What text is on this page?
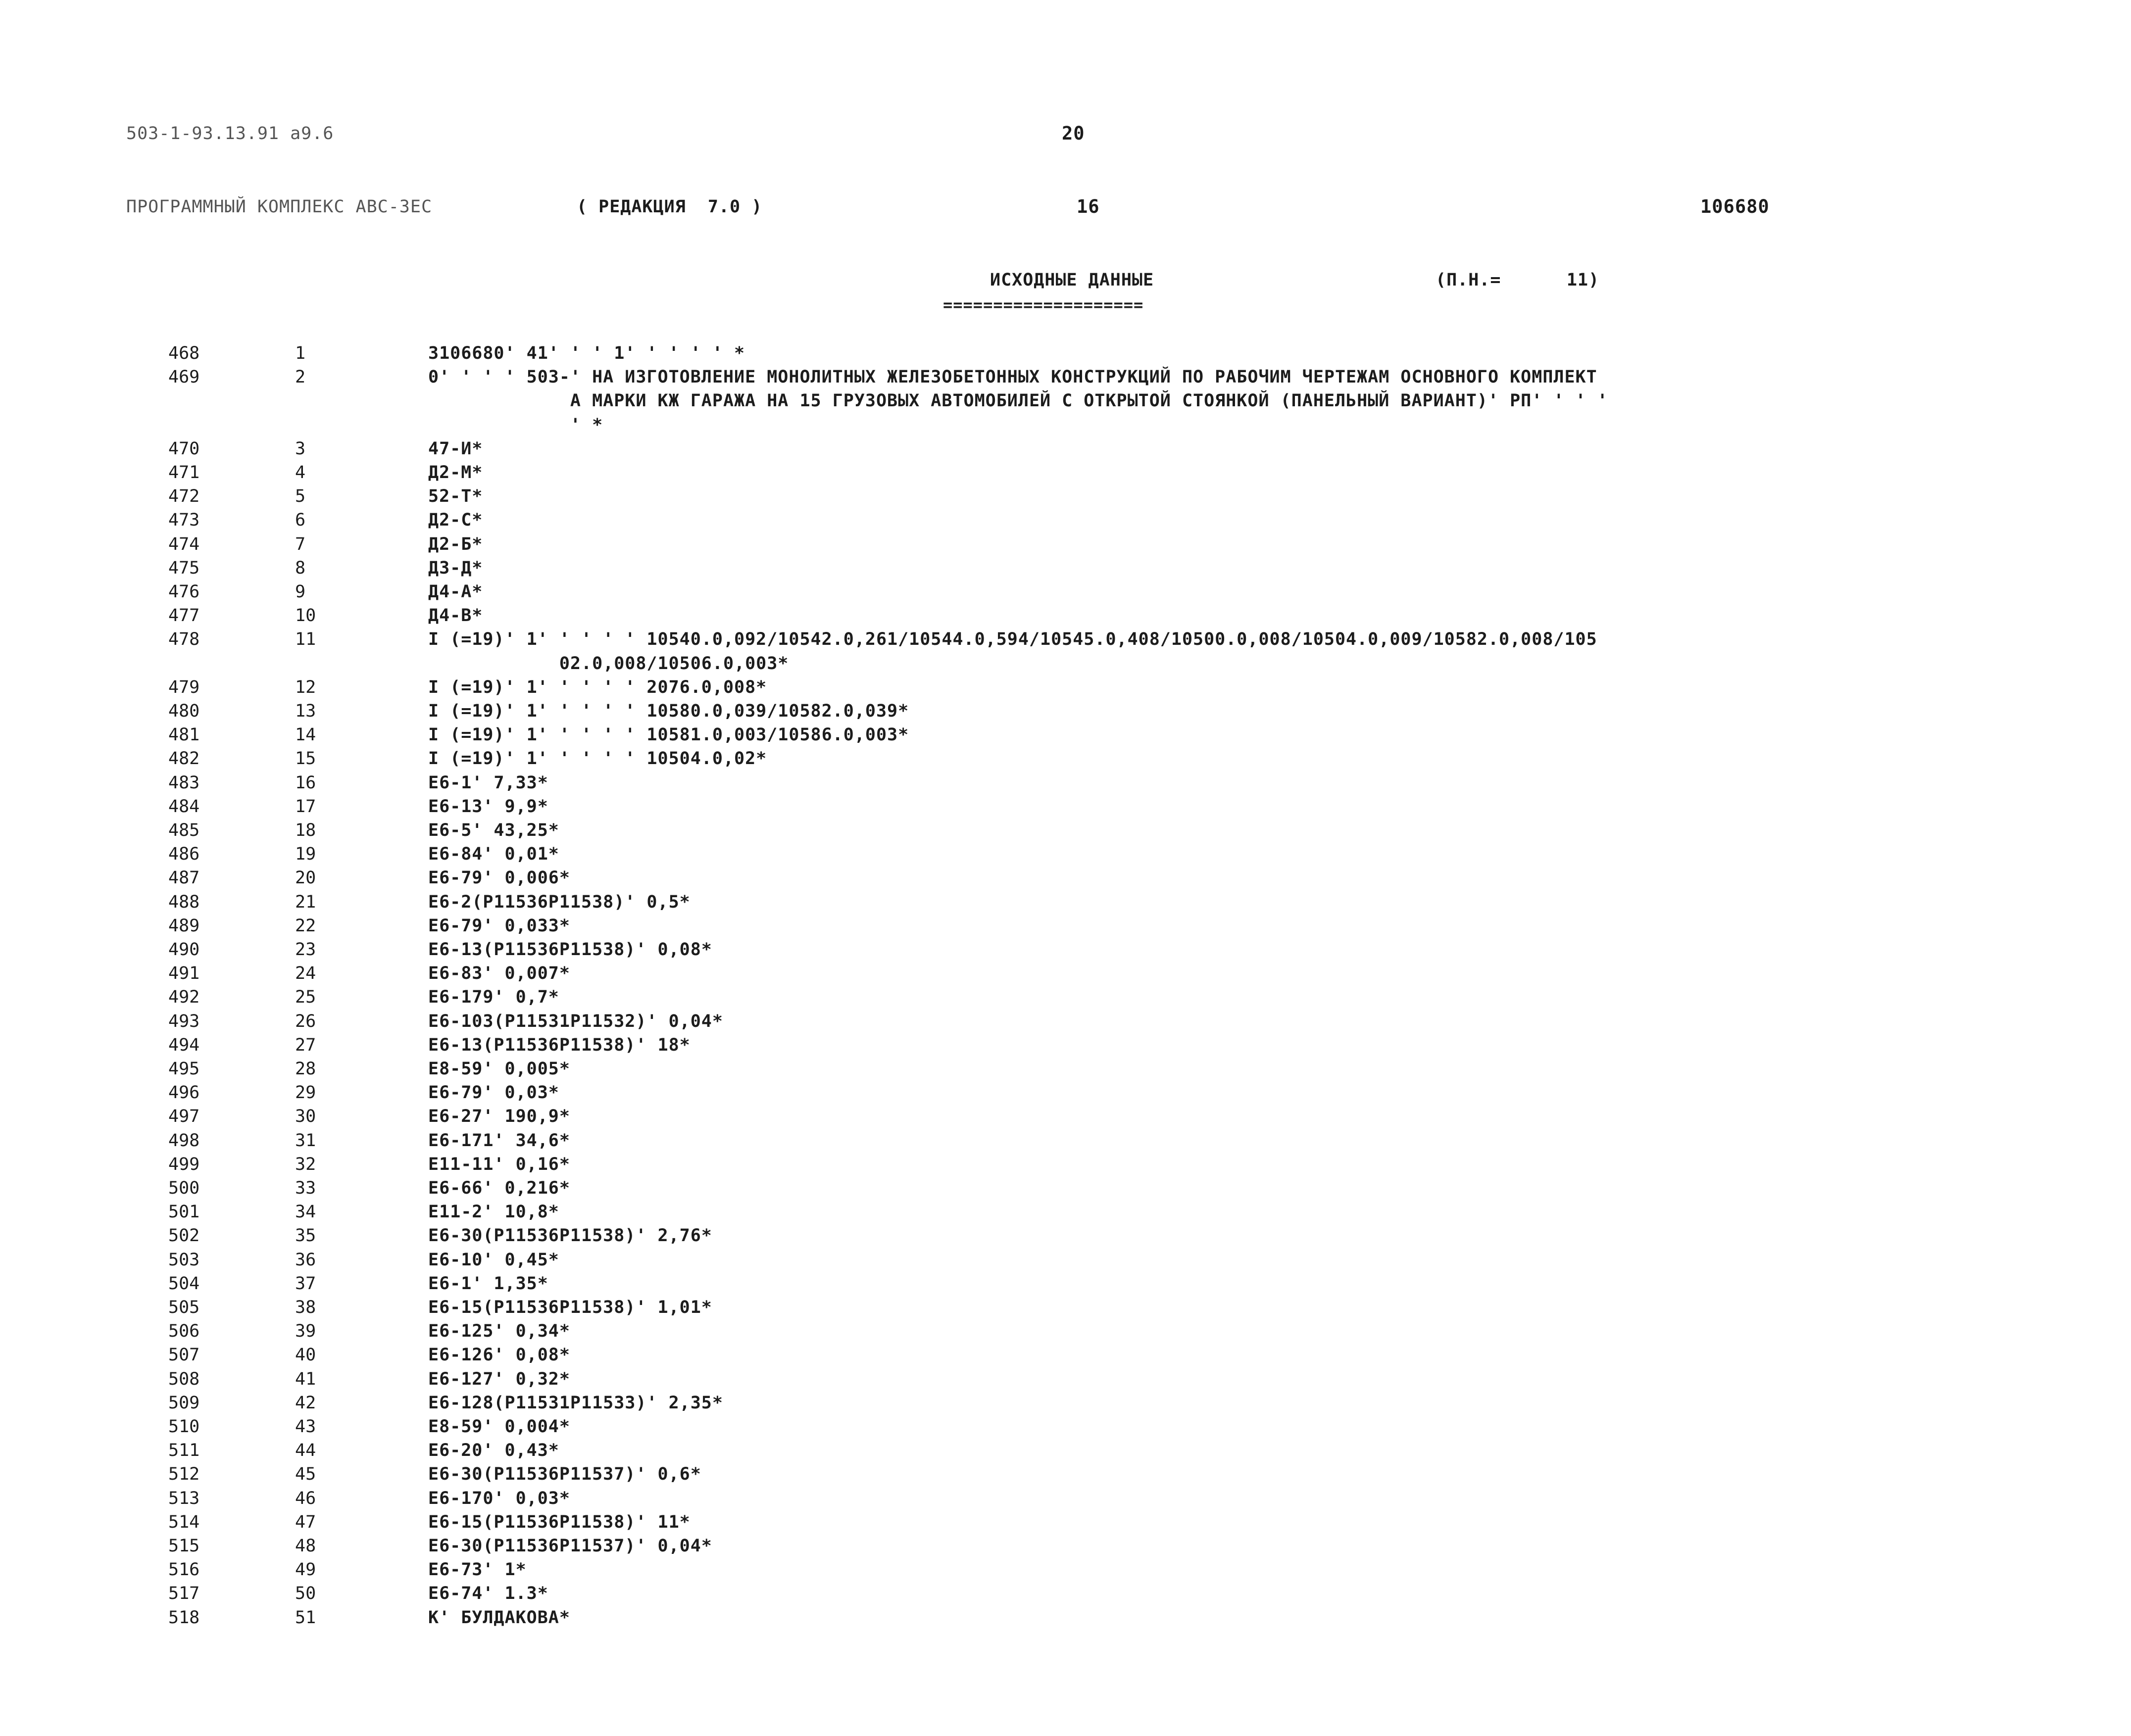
503-1-93.13.91 а9.6	20
ПРОГРАММНЫЙ КОМПЛЕКС АВС-3ЕС	( РЕДАКЦИЯ  7.0 )	16	106680
ИСХОДНЫЕ ДАННЫЕ	(П.Н.=      11)
====================
468	1	3106680' 41' ' ' 1' ' ' ' ' *
469	2	0' ' ' ' 503-' НА ИЗГОТОВЛЕНИЕ МОНОЛИТНЫХ ЖЕЛЕЗОБЕТОННЫХ КОНСТРУКЦИЙ ПО РАБОЧИМ ЧЕРТЕЖАМ ОСНОВНОГО КОМПЛЕКТ
А МАРКИ КЖ ГАРАЖА НА 15 ГРУЗОВЫХ АВТОМОБИЛЕЙ С ОТКРЫТОЙ СТОЯНКОЙ (ПАНЕЛЬНЫЙ ВАРИАНТ)' РП' ' ' '
' *
470	3	47-И*
471	4	Д2-М*
472	5	52-Т*
473	6	Д2-С*
474	7	Д2-Б*
475	8	Д3-Д*
476	9	Д4-А*
477	10	Д4-В*
478	11	I (=19)' 1' ' ' ' ' 10540.0,092/10542.0,261/10544.0,594/10545.0,408/10500.0,008/10504.0,009/10582.0,008/105
02.0,008/10506.0,003*
479	12	I (=19)' 1' ' ' ' ' 2076.0,008*
480	13	I (=19)' 1' ' ' ' ' 10580.0,039/10582.0,039*
481	14	I (=19)' 1' ' ' ' ' 10581.0,003/10586.0,003*
482	15	I (=19)' 1' ' ' ' ' 10504.0,02*
483	16	Е6-1' 7,33*
484	17	Е6-13' 9,9*
485	18	Е6-5' 43,25*
486	19	Е6-84' 0,01*
487	20	Е6-79' 0,006*
488	21	Е6-2(Р11536Р11538)' 0,5*
489	22	Е6-79' 0,033*
490	23	Е6-13(Р11536Р11538)' 0,08*
491	24	Е6-83' 0,007*
492	25	Е6-179' 0,7*
493	26	Е6-103(Р11531Р11532)' 0,04*
494	27	Е6-13(Р11536Р11538)' 18*
495	28	Е8-59' 0,005*
496	29	Е6-79' 0,03*
497	30	Е6-27' 190,9*
498	31	Е6-171' 34,6*
499	32	Е11-11' 0,16*
500	33	Е6-66' 0,216*
501	34	Е11-2' 10,8*
502	35	Е6-30(Р11536Р11538)' 2,76*
503	36	Е6-10' 0,45*
504	37	Е6-1' 1,35*
505	38	Е6-15(Р11536Р11538)' 1,01*
506	39	Е6-125' 0,34*
507	40	Е6-126' 0,08*
508	41	Е6-127' 0,32*
509	42	Е6-128(Р11531Р11533)' 2,35*
510	43	Е8-59' 0,004*
511	44	Е6-20' 0,43*
512	45	Е6-30(Р11536Р11537)' 0,6*
513	46	Е6-170' 0,03*
514	47	Е6-15(Р11536Р11538)' 11*
515	48	Е6-30(Р11536Р11537)' 0,04*
516	49	Е6-73' 1*
517	50	Е6-74' 1.3*
518	51	К' БУЛДАКОВА*
